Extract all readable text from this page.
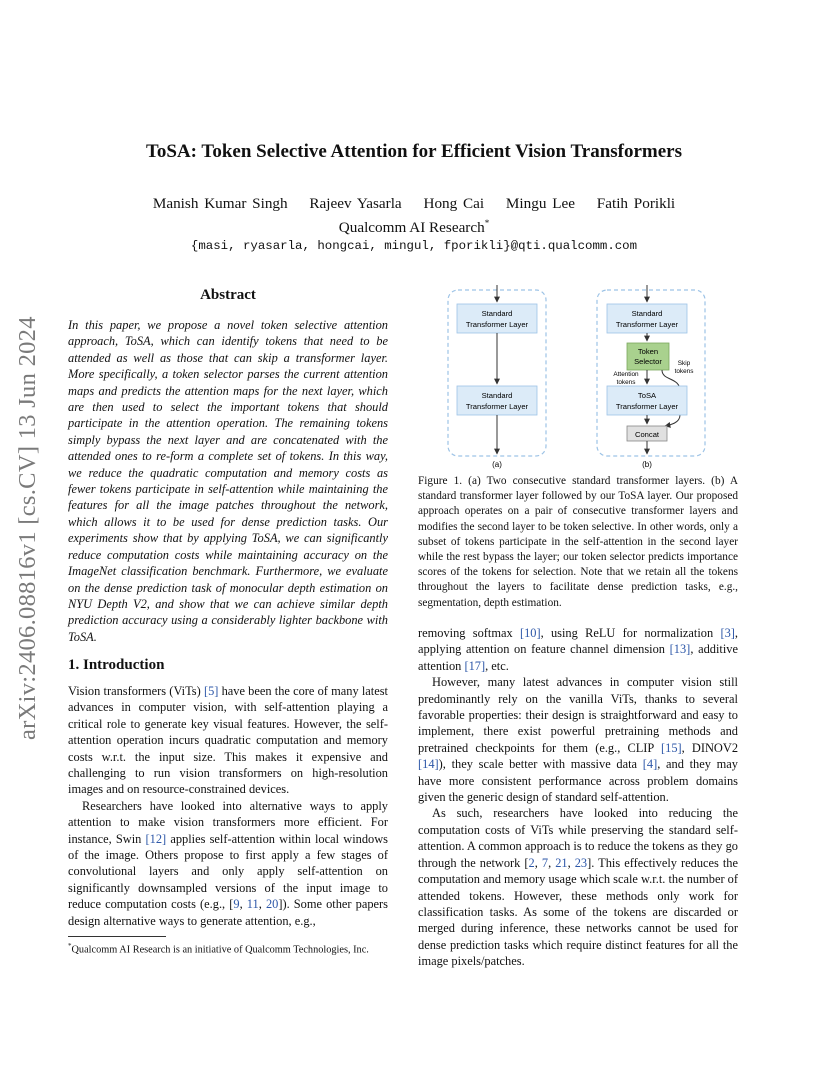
ToSA: Token Selective Attention for Efficient Vision Transformers
Manish Kumar Singh Rajeev Yasarla Hong Cai Mingu Lee Fatih Porikli
Qualcomm AI Research*
{masi, ryasarla, hongcai, mingul, fporikli}@qti.qualcomm.com
arXiv:2406.08816v1 [cs.CV] 13 Jun 2024
Abstract
In this paper, we propose a novel token selective attention approach, ToSA, which can identify tokens that need to be attended as well as those that can skip a transformer layer. More specifically, a token selector parses the current attention maps and predicts the attention maps for the next layer, which are then used to select the important tokens that should participate in the attention operation. The remaining tokens simply bypass the next layer and are concatenated with the attended ones to re-form a complete set of tokens. In this way, we reduce the quadratic computation and memory costs as fewer tokens participate in self-attention while maintaining the features for all the image patches throughout the network, which allows it to be used for dense prediction tasks. Our experiments show that by applying ToSA, we can significantly reduce computation costs while maintaining accuracy on the ImageNet classification benchmark. Furthermore, we evaluate on the dense prediction task of monocular depth estimation on NYU Depth V2, and show that we can achieve similar depth prediction accuracy using a considerably lighter backbone with ToSA.
1. Introduction

Vision transformers (ViTs) [5] have been the core of many latest advances in computer vision, with self-attention playing a critical role to generate key visual features. However, the self-attention operation incurs quadratic computation and memory costs w.r.t. the input size. This makes it expensive and challenging to run vision transformers on high-resolution images and on resource-constrained devices.

Researchers have looked into alternative ways to apply attention to make vision transformers more efficient. For instance, Swin [12] applies self-attention within local windows of the image. Others propose to first apply a few stages of convolutional layers and only apply self-attention on significantly downsampled versions of the input image to reduce computation costs (e.g., [9, 11, 20]). Some other papers design alternative ways to generate attention, e.g.,

*Qualcomm AI Research is an initiative of Qualcomm Technologies, Inc.
Standard
Transformer Layer
Standard
Transformer Layer
(a)
Standard
Transformer Layer
Token
Selector
Attention
tokens
Skip
tokens
ToSA
Transformer Layer
Concat
(b)
Figure 1. (a) Two consecutive standard transformer layers. (b) A standard transformer layer followed by our ToSA layer. Our proposed approach operates on a pair of consecutive transformer layers and modifies the second layer to be token selective. In other words, only a subset of tokens participate in the self-attention in the second layer while the rest bypass the layer; our token selector predicts importance scores of the tokens for selection. Note that we retain all the tokens throughout the layers to facilitate dense prediction tasks, e.g., segmentation, depth estimation.

removing softmax [10], using ReLU for normalization [3], applying attention on feature channel dimension [13], additive attention [17], etc.

However, many latest advances in computer vision still predominantly rely on the vanilla ViTs, thanks to several favorable properties: their design is straightforward and easy to implement, there exist powerful pretraining methods and pretrained checkpoints for them (e.g., CLIP [15], DINOV2 [14]), they scale better with massive data [4], and they may have more consistent performance across problem domains given the generic design of standard self-attention.

As such, researchers have looked into reducing the computation costs of ViTs while preserving the standard self-attention. A common approach is to reduce the tokens as they go through the network [2, 7, 21, 23]. This effectively reduces the computation and memory usage which scale w.r.t. the number of attended tokens. However, these methods only work for classification tasks. As some of the tokens are discarded or merged during inference, these networks cannot be used for dense prediction tasks which require distinct features for all the image pixels/patches.
